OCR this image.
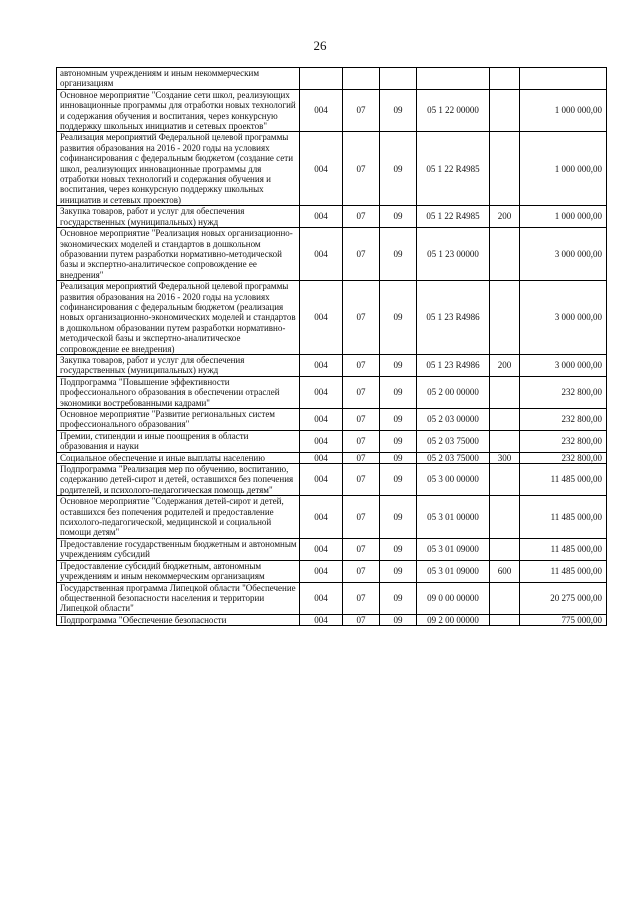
26
автономным учреждениям и иным некоммерческим организациям						
Основное мероприятие "Создание сети школ, реализующих инновационные программы для отработки новых технологий и содержания обучения и воспитания, через конкурсную поддержку школьных инициатив и сетевых проектов"	004	07	09	05 1 22 00000		1 000 000,00
Реализация мероприятий Федеральной целевой программы развития образования на 2016 - 2020 годы на условиях софинансирования с федеральным бюджетом (создание сети школ, реализующих инновационные программы для отработки новых технологий и содержания обучения и воспитания, через конкурсную поддержку школьных инициатив и сетевых проектов)	004	07	09	05 1 22 R4985		1 000 000,00
Закупка товаров, работ и услуг для обеспечения государственных (муниципальных) нужд	004	07	09	05 1 22 R4985	200	1 000 000,00
Основное мероприятие "Реализация новых организационно-экономических моделей и стандартов в дошкольном образовании путем разработки нормативно-методической базы и экспертно-аналитическое сопровождение ее внедрения"	004	07	09	05 1 23 00000		3 000 000,00
Реализация мероприятий Федеральной целевой программы развития образования на 2016 - 2020 годы на условиях софинансирования с федеральным бюджетом (реализация новых организационно-экономических моделей и стандартов в дошкольном образовании путем разработки нормативно-методической базы и экспертно-аналитическое сопровождение ее внедрения)	004	07	09	05 1 23 R4986		3 000 000,00
Закупка товаров, работ и услуг для обеспечения государственных (муниципальных) нужд	004	07	09	05 1 23 R4986	200	3 000 000,00
Подпрограмма "Повышение эффективности профессионального образования в обеспечении отраслей экономики востребованными кадрами"	004	07	09	05 2 00 00000		232 800,00
Основное мероприятие "Развитие региональных систем профессионального образования"	004	07	09	05 2 03 00000		232 800,00
Премии, стипендии и иные поощрения в области образования и науки	004	07	09	05 2 03 75000		232 800,00
Социальное обеспечение и иные выплаты населению	004	07	09	05 2 03 75000	300	232 800,00
Подпрограмма "Реализация мер по обучению, воспитанию, содержанию детей-сирот и детей, оставшихся без попечения родителей, и психолого-педагогическая помощь детям"	004	07	09	05 3 00 00000		11 485 000,00
Основное мероприятие "Содержания детей-сирот и детей, оставшихся без попечения родителей и предоставление психолого-педагогической, медицинской и социальной помощи детям"	004	07	09	05 3 01 00000		11 485 000,00
Предоставление государственным бюджетным и автономным учреждениям субсидий	004	07	09	05 3 01 09000		11 485 000,00
Предоставление субсидий бюджетным, автономным учреждениям и иным некоммерческим организациям	004	07	09	05 3 01 09000	600	11 485 000,00
Государственная программа Липецкой области "Обеспечение общественной безопасности населения и территории Липецкой области"	004	07	09	09 0 00 00000		20 275 000,00
Подпрограмма "Обеспечение безопасности	004	07	09	09 2 00 00000		775 000,00
